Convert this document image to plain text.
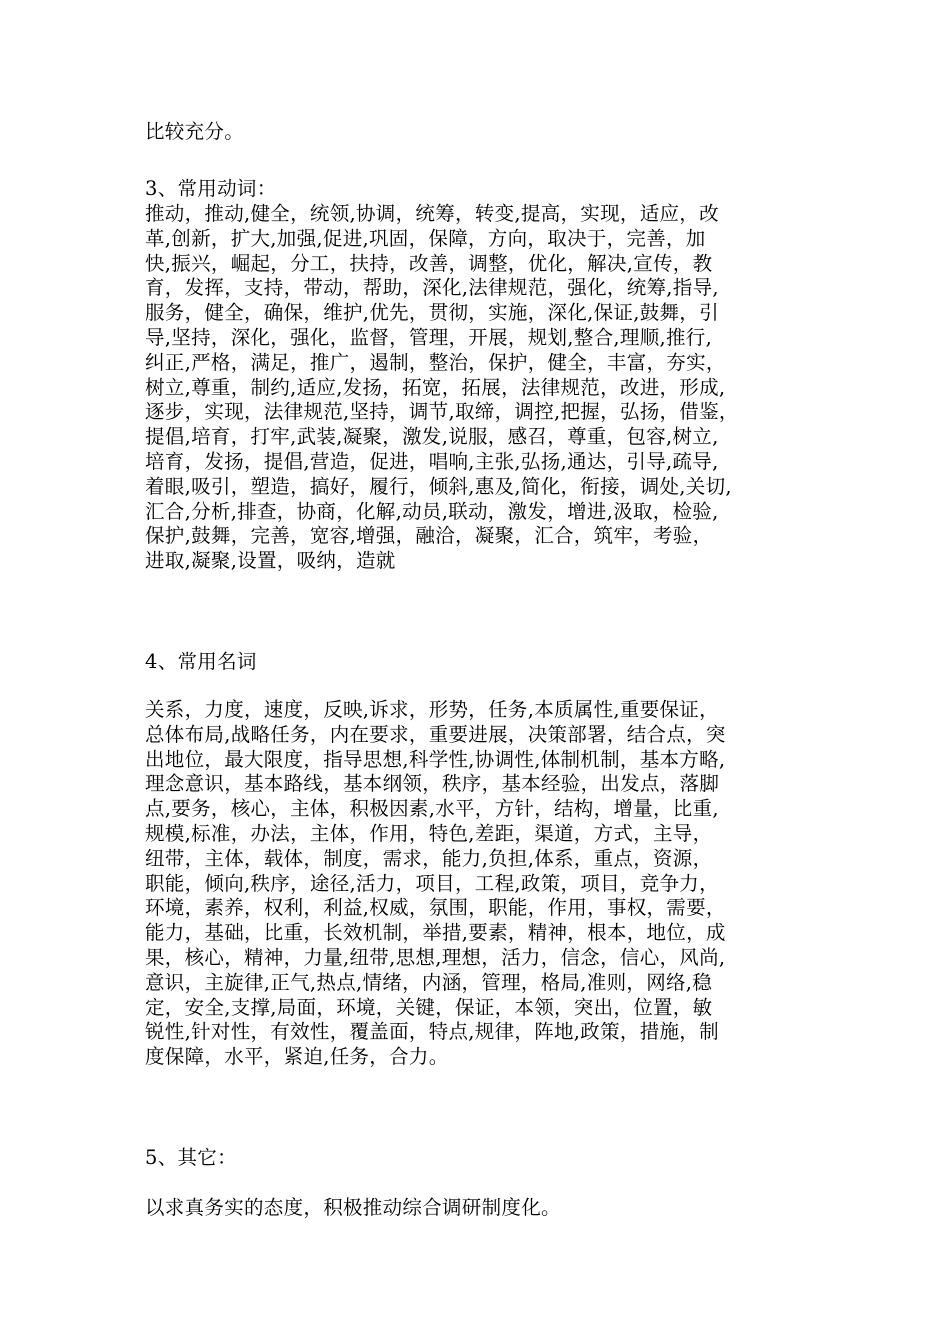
比较充分。
3、常用动词：
推动，推动,健全，统领,协调，统筹，转变,提高，实现，适应，改
革,创新，扩大,加强,促进,巩固，保障，方向，取决于，完善，加
快,振兴，崛起，分工，扶持，改善，调整，优化，解决,宣传，教
育，发挥，支持，带动，帮助，深化,法律规范，强化，统筹,指导,
服务，健全，确保，维护,优先，贯彻，实施，深化,保证,鼓舞，引
导,坚持，深化，强化，监督，管理，开展，规划,整合,理顺,推行,
纠正,严格，满足，推广，遏制，整治，保护，健全，丰富，夯实，
树立,尊重，制约,适应,发扬，拓宽，拓展，法律规范，改进，形成,
逐步，实现，法律规范,坚持，调节,取缔，调控,把握，弘扬，借鉴，
提倡,培育，打牢,武装,凝聚，激发,说服，感召，尊重，包容,树立,
培育，发扬，提倡,营造，促进，唱响,主张,弘扬,通达，引导,疏导,
着眼,吸引，塑造，搞好，履行，倾斜,惠及,简化，衔接，调处,关切,
汇合,分析,排查，协商，化解,动员,联动，激发，增进,汲取，检验,
保护,鼓舞，完善，宽容,增强，融洽，凝聚，汇合，筑牢，考验，
进取,凝聚,设置，吸纳，造就
4、常用名词
关系，力度，速度，反映,诉求，形势，任务,本质属性,重要保证，
总体布局,战略任务，内在要求，重要进展，决策部署，结合点，突
出地位，最大限度，指导思想,科学性,协调性,体制机制，基本方略,
理念意识，基本路线，基本纲领，秩序，基本经验，出发点，落脚
点,要务，核心，主体，积极因素,水平，方针，结构，增量，比重,
规模,标准，办法，主体，作用，特色,差距，渠道，方式，主导，
纽带，主体，载体，制度，需求，能力,负担,体系，重点，资源，
职能，倾向,秩序，途径,活力，项目，工程,政策，项目，竞争力，
环境，素养，权利，利益,权威，氛围，职能，作用，事权，需要，
能力，基础，比重，长效机制，举措,要素，精神，根本，地位，成
果，核心，精神，力量,纽带,思想,理想，活力，信念，信心，风尚,
意识，主旋律,正气,热点,情绪，内涵，管理，格局,准则，网络,稳
定，安全,支撑,局面，环境，关键，保证，本领，突出，位置，敏
锐性,针对性，有效性，覆盖面，特点,规律，阵地,政策，措施，制
度保障，水平，紧迫,任务，合力。
5、其它：
以求真务实的态度，积极推动综合调研制度化。
